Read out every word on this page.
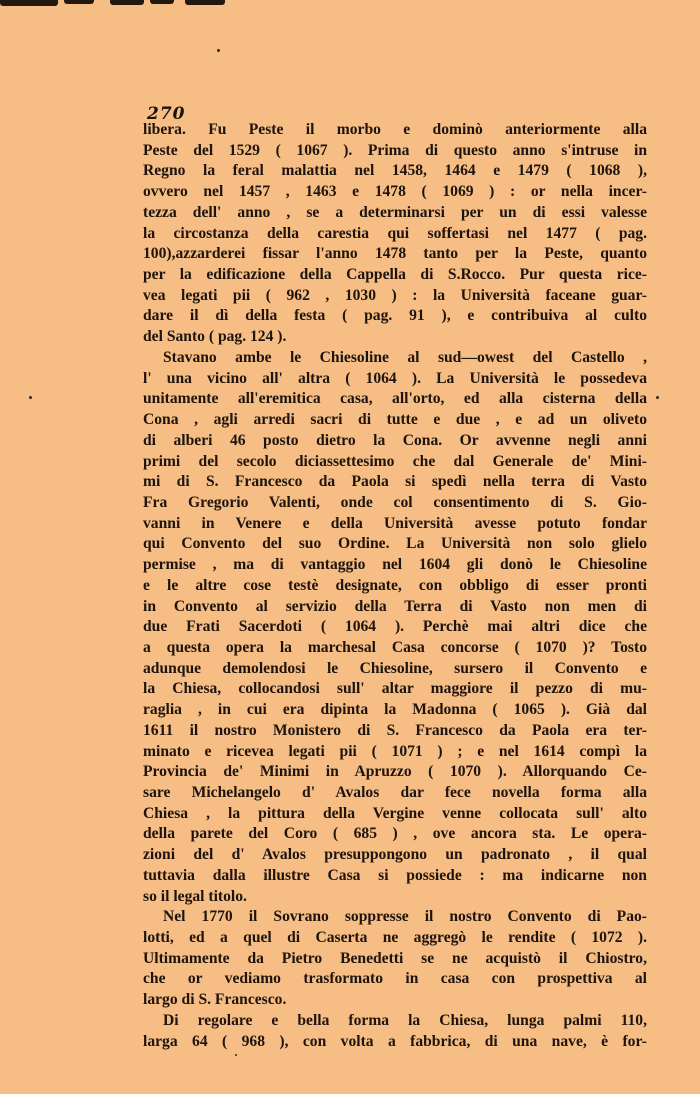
270

libera. Fu Peste il morbo e dominò anteriormente alla
Peste del 1529 ( 1067 ). Prima di questo anno s'intruse in
Regno la feral malattia nel 1458, 1464 e 1479 ( 1068 ),
ovvero nel 1457 , 1463 e 1478 ( 1069 ) : or nella incer-
tezza dell' anno , se a determinarsi per un di essi valesse
la circostanza della carestia qui soffertasi nel 1477 ( pag.
100),azzarderei fissar l'anno 1478 tanto per la Peste, quanto
per la edificazione della Cappella di S.Rocco. Pur questa rice-
vea legati pii ( 962 , 1030 ) : la Università faceane guar-
dare il dì della festa ( pag. 91 ), e contribuiva al culto
del Santo ( pag. 124 ).

Stavano ambe le Chiesoline al sud—owest del Castello ,
l' una vicino all' altra ( 1064 ). La Università le possedeva
unitamente all'eremitica casa, all'orto, ed alla cisterna della
Cona , agli arredi sacri di tutte e due , e ad un oliveto
di alberi 46 posto dietro la Cona. Or avvenne negli anni
primi del secolo diciassettesimo che dal Generale de' Mini-
mi di S. Francesco da Paola si spedì nella terra di Vasto
Fra Gregorio Valenti, onde col consentimento di S. Gio-
vanni in Venere e della Università avesse potuto fondar
qui Convento del suo Ordine. La Università non solo glielo
permise , ma di vantaggio nel 1604 gli donò le Chiesoline
e le altre cose testè designate, con obbligo di esser pronti
in Convento al servizio della Terra di Vasto non men di
due Frati Sacerdoti ( 1064 ). Perchè mai altri dice che
a questa opera la marchesal Casa concorse ( 1070 )? Tosto
adunque demolendosi le Chiesoline, sursero il Convento e
la Chiesa, collocandosi sull' altar maggiore il pezzo di mu-
raglia , in cui era dipinta la Madonna ( 1065 ). Già dal
1611 il nostro Monistero di S. Francesco da Paola era ter-
minato e ricevea legati pii ( 1071 ) ; e nel 1614 compì la
Provincia de' Minimi in Apruzzo ( 1070 ). Allorquando Ce-
sare Michelangelo d' Avalos dar fece novella forma alla
Chiesa , la pittura della Vergine venne collocata sull' alto
della parete del Coro ( 685 ) , ove ancora sta. Le opera-
zioni del d' Avalos presuppongono un padronato , il qual
tuttavia dalla illustre Casa si possiede : ma indicarne non
so il legal titolo.

Nel 1770 il Sovrano soppresse il nostro Convento di Pao-
lotti, ed a quel di Caserta ne aggregò le rendite ( 1072 ).
Ultimamente da Pietro Benedetti se ne acquistò il Chiostro,
che or vediamo trasformato in casa con prospettiva al
largo di S. Francesco.

Di regolare e bella forma la Chiesa, lunga palmi 110,
larga 64 ( 968 ), con volta a fabbrica, di una nave, è for-
